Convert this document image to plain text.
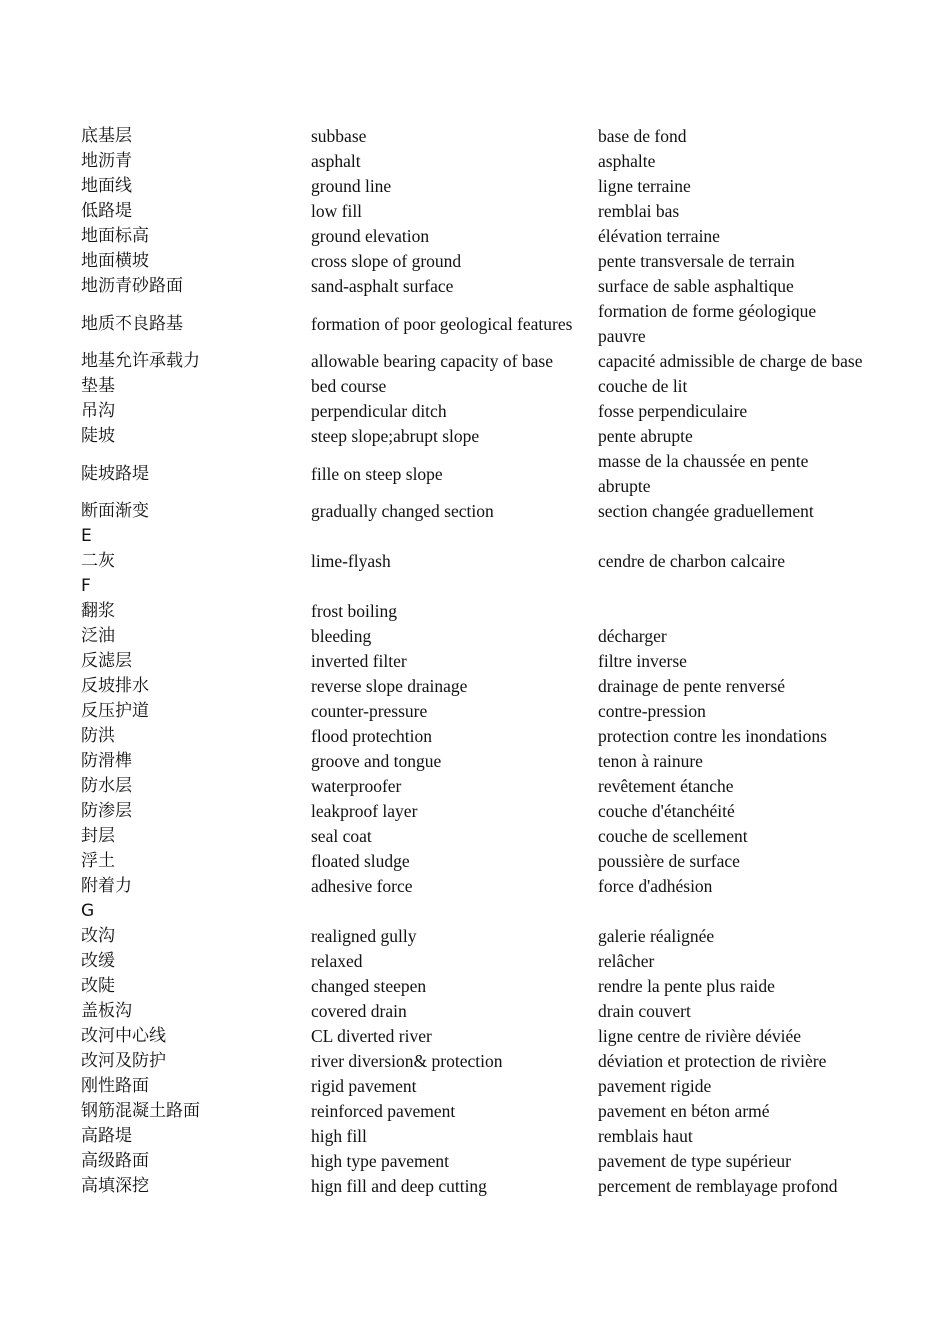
底基层	subbase	base de fond
地沥青	asphalt	asphalte
地面线	ground line	ligne terraine
低路堤	low fill	remblai bas
地面标高	ground elevation	élévation terraine
地面横坡	cross slope of ground	pente transversale de terrain
地沥青砂路面	sand-asphalt surface	surface de sable asphaltique
地质不良路基	formation of poor geological features	formation de forme géologique pauvre
地基允许承载力	allowable bearing capacity of base	capacité admissible de charge de base
垫基	bed course	couche de lit
吊沟	perpendicular ditch	fosse perpendiculaire
陡坡	steep slope;abrupt slope	pente abrupte
陡坡路堤	fille on steep slope	masse de la chaussée en pente abrupte
断面渐变	gradually changed section	section changée graduellement
E		
二灰	lime-flyash	cendre de charbon calcaire
F		
翻浆	frost boiling	
泛油	bleeding	décharger
反滤层	inverted filter	filtre inverse
反坡排水	reverse slope drainage	drainage de pente renversé
反压护道	counter-pressure	contre-pression
防洪	flood protechtion	protection contre les inondations
防滑榫	groove and tongue	tenon à rainure
防水层	waterproofer	revêtement étanche
防渗层	leakproof layer	couche d'étanchéité
封层	seal coat	couche de scellement
浮土	floated sludge	poussière de surface
附着力	adhesive force	force d'adhésion
G		
改沟	realigned gully	galerie réalignée
改缓	relaxed	relâcher
改陡	changed steepen	rendre la pente plus raide
盖板沟	covered drain	drain couvert
改河中心线	CL diverted river	ligne centre de rivière déviée
改河及防护	river diversion& protection	déviation et protection de rivière
刚性路面	rigid pavement	pavement rigide
钢筋混凝土路面	reinforced pavement	pavement en béton armé
高路堤	high fill	remblais haut
高级路面	high type pavement	pavement de type supérieur
高填深挖	hign fill and deep cutting	percement de remblayage profond
